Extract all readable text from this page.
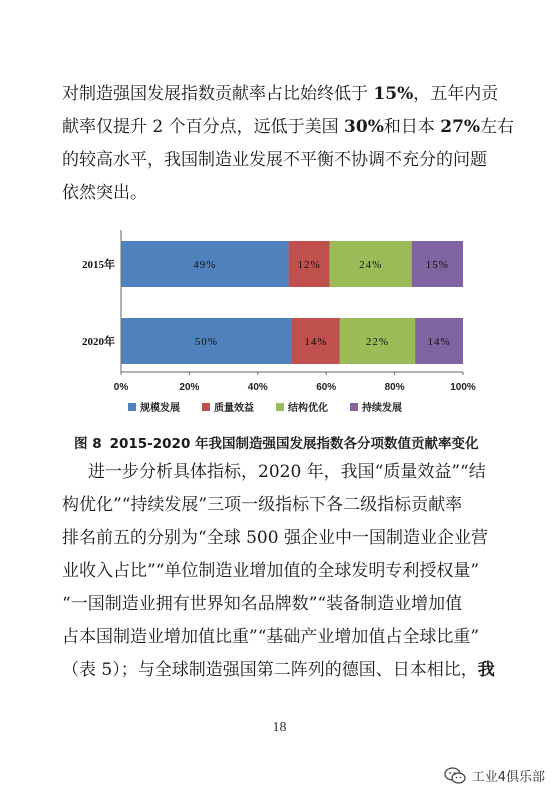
对制造强国发展指数贡献率占比始终低于 15%，五年内贡
献率仅提升 2 个百分点，远低于美国 30%和日本 27%左右
的较高水平，我国制造业发展不平衡不协调不充分的问题
依然突出。
49%	12%	24%	15%
2015年
50%	14%	22%	14%
2020年
0%	20%	40%	60%	80%	100%
规模发展	质量效益	结构优化	持续发展
图 8 2015-2020 年我国制造强国发展指数各分项数值贡献率变化
进一步分析具体指标，2020 年，我国“质量效益”“结
构优化”“持续发展”三项一级指标下各二级指标贡献率
排名前五的分别为“全球 500 强企业中一国制造业企业营
业收入占比”“单位制造业增加值的全球发明专利授权量”
“一国制造业拥有世界知名品牌数”“装备制造业增加值
占本国制造业增加值比重”“基础产业增加值占全球比重”
（表 5）；与全球制造强国第二阵列的德国、日本相比，我
18
工业4俱乐部
